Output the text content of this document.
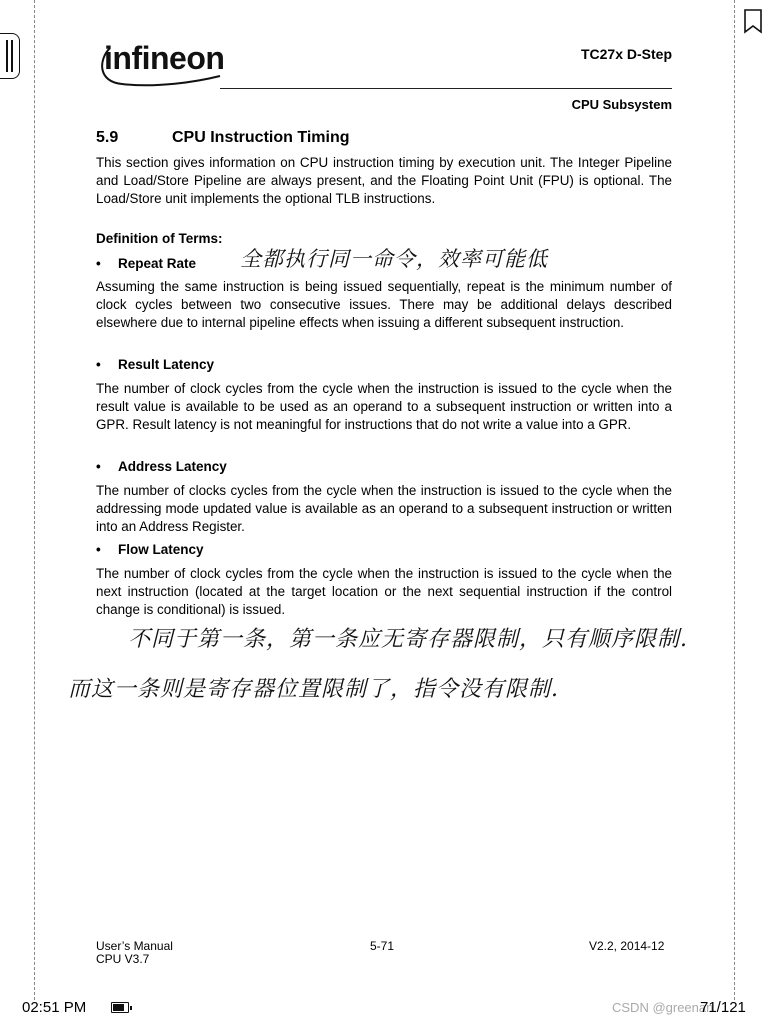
infineon	TC27x D-Step
CPU Subsystem
5.9	CPU Instruction Timing

This section gives information on CPU instruction timing by execution unit. The Integer Pipeline and Load/Store Pipeline are always present, and the Floating Point Unit (FPU) is optional. The Load/Store unit implements the optional TLB instructions.

Definition of Terms:
• Repeat Rate 全都执行同一命令，效率可能低

Assuming the same instruction is being issued sequentially, repeat is the minimum number of clock cycles between two consecutive issues. There may be additional delays described elsewhere due to internal pipeline effects when issuing a different subsequent instruction.

• Result Latency

The number of clock cycles from the cycle when the instruction is issued to the cycle when the result value is available to be used as an operand to a subsequent instruction or written into a GPR. Result latency is not meaningful for instructions that do not write a value into a GPR.

• Address Latency

The number of clocks cycles from the cycle when the instruction is issued to the cycle when the addressing mode updated value is available as an operand to a subsequent instruction or written into an Address Register.

• Flow Latency

The number of clock cycles from the cycle when the instruction is issued to the cycle when the next instruction (located at the target location or the next sequential instruction if the control change is conditional) is issued.

不同于第一条，第一条应无寄存器限制，只有顺序限制.
而这一条则是寄存器位置限制了，指令没有限制.
User’s Manual
CPU V3.7
5-71	V2.2, 2014-12
02:51 PM	CSDN @greenan
71/121
